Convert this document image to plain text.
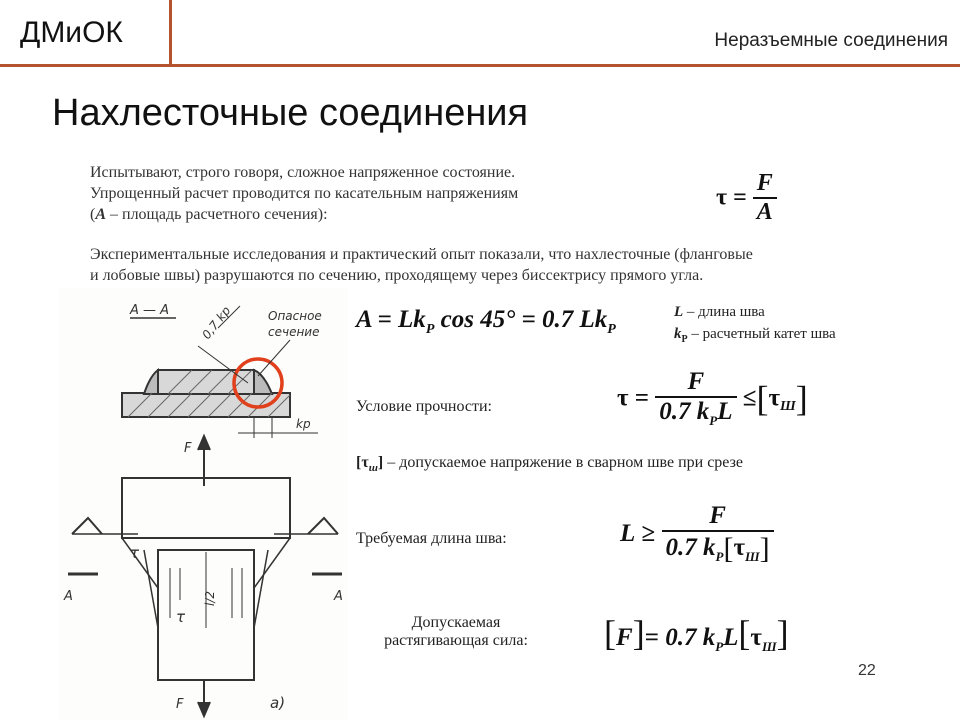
ДМиОК	Неразъемные соединения
Нахлесточные соединения
Испытывают, строго говоря, сложное напряженное состояние.
Упрощенный расчет проводится по касательным напряжениям
(A – площадь расчетного сечения):
$\tau = \frac{F}{A}$
Экспериментальные исследования и практический опыт показали, что нахлесточные (фланговые
и лобовые швы) разрушаются по сечению, проходящему через биссектрису прямого угла.
$A = Lk_P$ cos 45° = 0.7 $Lk_P$
L – длина шва
$k_P$ – расчетный катет шва
Условие прочности:	$\tau = \frac{F}{0.7 k_PL} \le[\tau_Ш]$
$[\tau_ш]$ – допускаемое напряжение в сварном шве при срезе
Требуемая длина шва:	$L \ge \frac{F}{0.7 k_P[\tau_Ш]}$
Допускаемая
растягивающая сила:	[F]= 0.7 $k_PL[\tau_Ш]$
А — А	0,7 kр	Опасное
сечение
kр
F
A	A
τ
τ
l/2
F	а)
22
